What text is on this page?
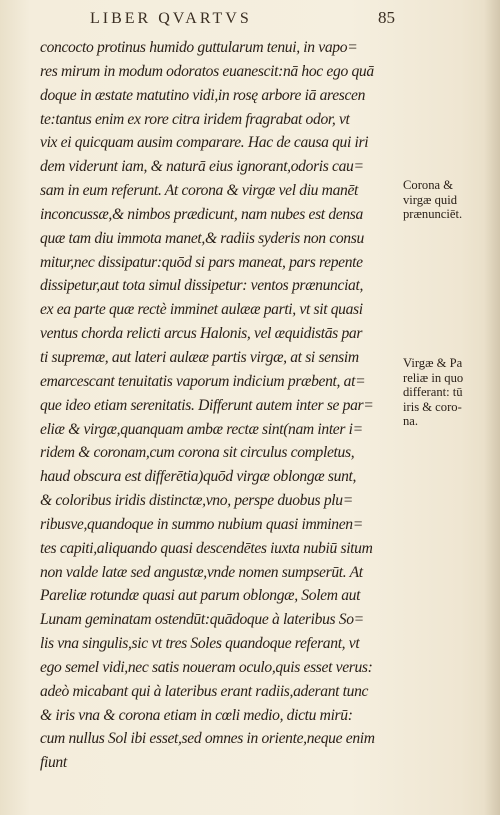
LIBER QVARTVS	85
concocto protinus humido guttularum tenui, in vapo=
res mirum in modum odoratos euanescit:nā hoc ego quā
doque in æstate matutino vidi,in rosę arbore iā arescen
te:tantus enim ex rore citra iridem fragrabat odor, vt
vix ei quicquam ausim comparare. Hac de causa qui iri
dem viderunt iam, & naturā eius ignorant,odoris cau=
sam in eum referunt. At corona & virgæ vel diu manēt
inconcussæ,& nimbos prædicunt, nam nubes est densa
quæ tam diu immota manet,& radiis syderis non consu
mitur,nec dissipatur:quōd si pars maneat, pars repente
dissipetur,aut tota simul dissipetur: ventos prænunciat,
ex ea parte quæ rectè imminet aulææ parti, vt sit quasi
ventus chorda relicti arcus Halonis, vel æquidistās par
ti supremæ, aut lateri aulææ partis virgæ, at si sensim
emarcescant tenuitatis vaporum indicium præbent, at=
que ideo etiam serenitatis. Differunt autem inter se par=
eliæ & virgæ,quanquam ambæ rectæ sint(nam inter i=
ridem & coronam,cum corona sit circulus completus,
haud obscura est differētia)quōd virgæ oblongæ sunt,
& coloribus iridis distinctæ,vno, perspe duobus plu=
ribusve,quandoque in summo nubium quasi imminen=
tes capiti,aliquando quasi descendētes iuxta nubiū situm
non valde latæ sed angustæ,vnde nomen sumpserūt. At
Pareliæ rotundæ quasi aut parum oblongæ, Solem aut
Lunam geminatam ostendūt:quādoque à lateribus So=
lis vna singulis,sic vt tres Soles quandoque referant, vt
ego semel vidi,nec satis noueram oculo,quis esset verus:
adeò micabant qui à lateribus erant radiis,aderant tunc
& iris vna & corona etiam in cœli medio, dictu mirū:
cum nullus Sol ibi esset,sed omnes in oriente,neque enim
fiunt
Corona &
virgæ quid
prænunciēt.
Virgæ & Pa
reliæ in quo
differant: tū
iris & coro-
na.
